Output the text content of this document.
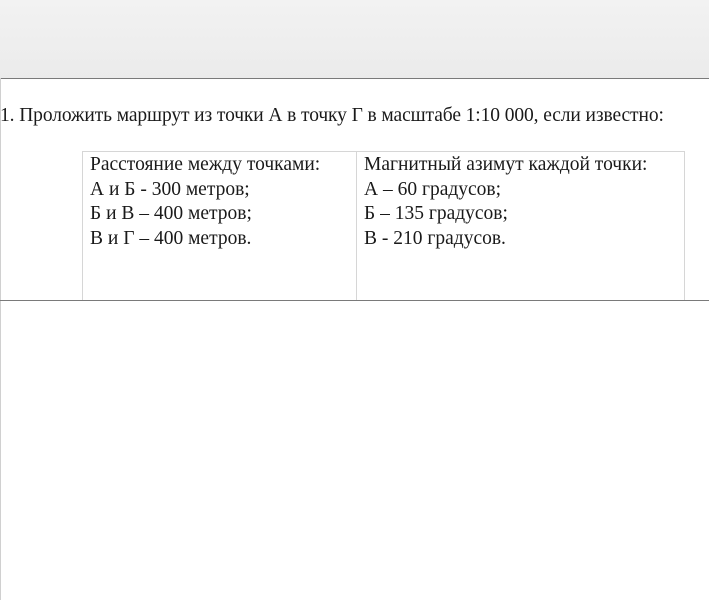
1. Проложить маршрут из точки А в точку Г в масштабе 1:10 000, если известно:
Расстояние между точками:
А и Б - 300 метров;
Б и В – 400 метров;
В и Г – 400 метров.
Магнитный азимут каждой точки:
А – 60 градусов;
Б – 135 градусов;
В - 210 градусов.
